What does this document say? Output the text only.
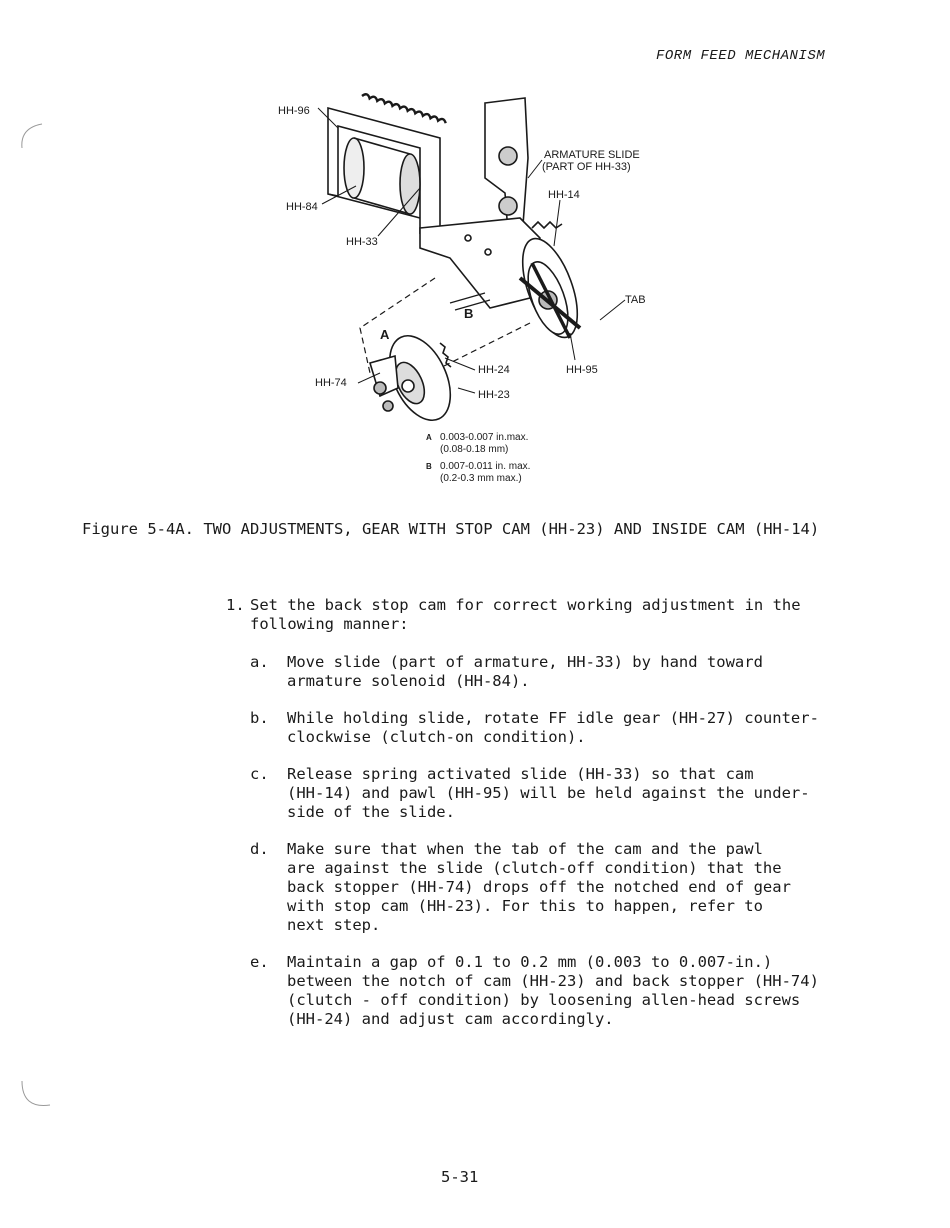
FORM FEED MECHANISM
HH-96
ARMATURE SLIDE
(PART OF HH-33)
HH-14
HH-84
HH-33
TAB
B
A
HH-74
HH-24	HH-95
HH-23
A 0.003-0.007 in.max.
(0.08-0.18 mm)
B 0.007-0.011 in. max.
(0.2-0.3 mm max.)
Figure 5-4A. TWO ADJUSTMENTS, GEAR WITH STOP CAM (HH-23) AND INSIDE CAM (HH-14)
1. Set the back stop cam for correct working adjustment in the following manner:
a. Move slide (part of armature, HH-33) by hand toward
armature solenoid (HH-84).
b. While holding slide, rotate FF idle gear (HH-27) counter-
clockwise (clutch-on condition).
c. Release spring activated slide (HH-33) so that cam
(HH-14) and pawl (HH-95) will be held against the under-
side of the slide.
d. Make sure that when the tab of the cam and the pawl
are against the slide (clutch-off condition) that the
back stopper (HH-74) drops off the notched end of gear
with stop cam (HH-23). For this to happen, refer to
next step.
e. Maintain a gap of 0.1 to 0.2 mm (0.003 to 0.007-in.)
between the notch of cam (HH-23) and back stopper (HH-74)
(clutch - off condition) by loosening allen-head screws
(HH-24) and adjust cam accordingly.
5-31
